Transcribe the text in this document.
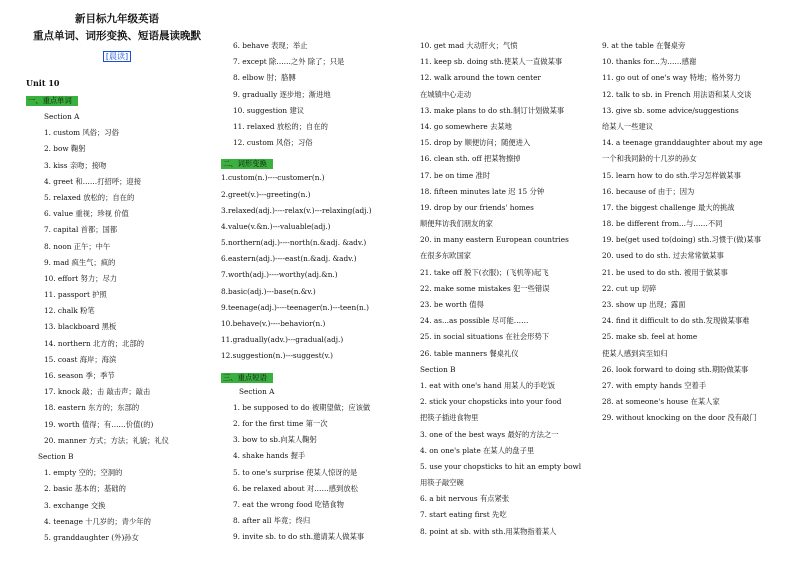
新目标九年级英语
重点单词、词形变换、短语晨读晚默
[晨读]
Unit 10
一、重点单词
Section A
1. custom 风俗；习俗
2. bow 鞠躬
3. kiss 亲吻；接吻
4. greet 和……打招呼；迎接
5. relaxed 放松的；自在的
6. value 重视；珍视 价值
7. capital 首都；国都
8. noon 正午；中午
9. mad 疯生气；疯的
10. effort 努力；尽力
11. passport 护照
12. chalk 粉笔
13. blackboard 黑板
14. northern 北方的；北部的
15. coast 海岸；海滨
16. season 季；季节
17. knock 敲；击 敲击声；敲击
18. eastern 东方的；东部的
19. worth 值得；有……价值(的)
20. manner 方式；方法；礼貌；礼仪
Section B
1. empty 空的；空洞的
2. basic 基本的；基础的
3. exchange 交换
4. teenage 十几岁的；青少年的
5. granddaughter (外)孙女
6. behave 表现；举止
7. except 除……之外 除了；只是
8. elbow 肘；胳膊
9. gradually 逐步地；渐进地
10. suggestion 建议
11. relaxed 放松的；自在的
12. custom 风俗；习俗
二、词形变换
1.custom(n.)----customer(n.)
2.greet(v.)---greeting(n.)
3.relaxed(adj.)----relax(v.)---relaxing(adj.)
4.value(v.&n.)---valuable(adj.)
5.northern(adj.)----north(n.&adj. &adv.)
6.eastern(adj.)----east(n.&adj. &adv.)
7.worth(adj.)----worthy(adj.&n.)
8.basic(adj.)---base(n.&v.)
9.teenage(adj.)----teenager(n.)---teen(n.)
10.behave(v.)----behavior(n.)
11.gradually(adv.)---gradual(adj.)
12.suggestion(n.)---suggest(v.)
三、重点短语
Section A
1. be supposed to do 被期望做；应该做
2. for the first time 第一次
3. bow to sb.向某人鞠躬
4. shake hands 握手
5. to one's surprise 使某人惊讶的是
6. be relaxed about 对……感到放松
7. eat the wrong food 吃错食物
8. after all 毕竟；终归
9. invite sb. to do sth.邀请某人做某事
10. get mad 大动肝火；气愤
11. keep sb. doing sth.使某人一直做某事
12. walk around the town center
在城镇中心走动
13. make plans to do sth.制订计划做某事
14. go somewhere 去某地
15. drop by 顺便访问；随便进入
16. clean sth. off 把某物擦掉
17. be on time 准时
18. fifteen minutes late 迟 15 分钟
19. drop by our friends' homes
顺便拜访我们朋友的家
20. in many eastern European countries
在很多东欧国家
21. take off 脱下(衣服)；(飞机等)起飞
22. make some mistakes 犯一些错误
23. be worth 值得
24. as...as possible 尽可能……
25. in social situations 在社会形势下
26. table manners 餐桌礼仪
Section B
1. eat with one's hand 用某人的手吃饭
2. stick your chopsticks into your food
把筷子插进食物里
3. one of the best ways 最好的方法之一
4. on one's plate 在某人的盘子里
5. use your chopsticks to hit an empty bowl
用筷子敲空碗
6. a bit nervous 有点紧张
7. start eating first 先吃
8. point at sb. with sth.用某物指着某人
9. at the table 在餐桌旁
10. thanks for...为……感谢
11. go out of one's way 特地；格外努力
12. talk to sb. in French 用法语和某人交谈
13. give sb. some advice/suggestions
给某人一些建议
14. a teenage granddaughter about my age
一个和我同龄的十几岁的孙女
15. learn how to do sth.学习怎样做某事
16. because of 由于；因为
17. the biggest challenge 最大的挑战
18. be different from...与……不同
19. be(get used to(doing) sth.习惯于(做)某事
20. used to do sth. 过去常常做某事
21. be used to do sth. 被用于做某事
22. cut up 切碎
23. show up 出现；露面
24. find it difficult to do sth.发现做某事难
25. make sb. feel at home
使某人感到宾至如归
26. look forward to doing sth.期盼做某事
27. with empty hands 空着手
28. at someone's house 在某人家
29. without knocking on the door 没有敲门
